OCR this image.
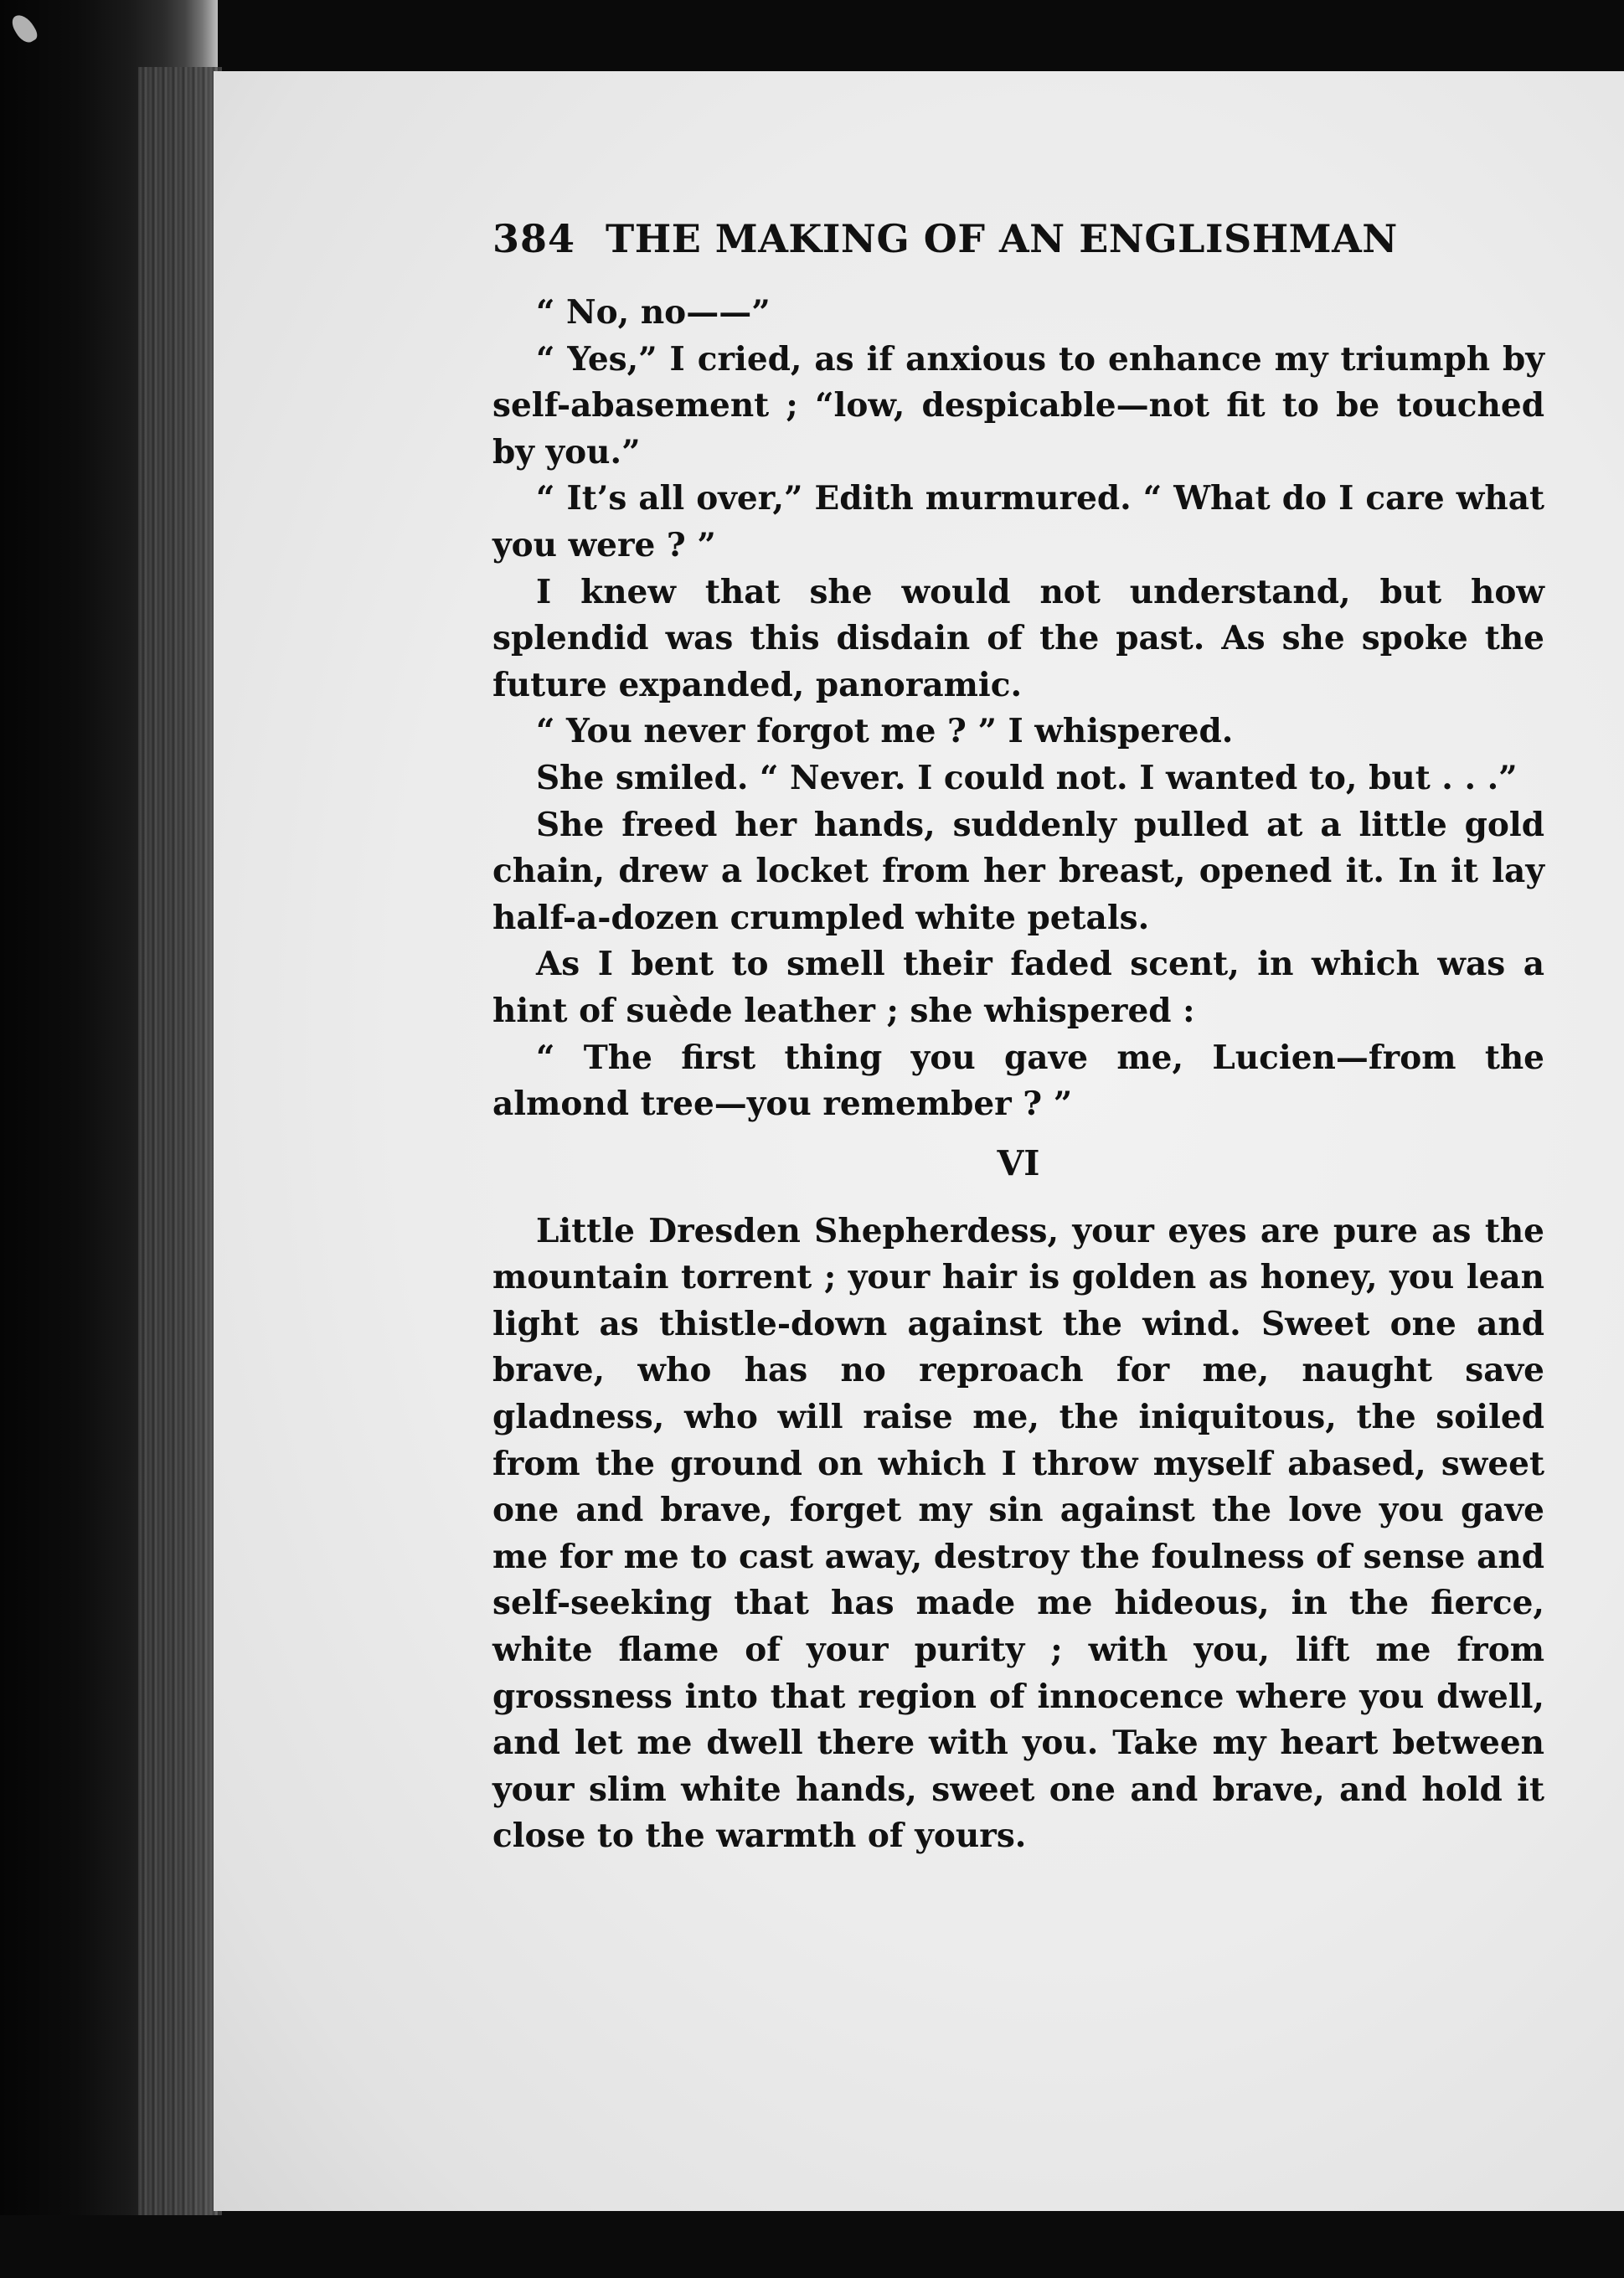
384 THE MAKING OF AN ENGLISHMAN

“ No, no——”

“ Yes,” I cried, as if anxious to enhance my triumph by self-abasement ; “low, despicable—not fit to be touched by you.”

“ It’s all over,” Edith murmured. “ What do I care what you were ? ”

I knew that she would not understand, but how splendid was this disdain of the past. As she spoke the future expanded, panoramic.

“ You never forgot me ? ” I whispered.

She smiled. “ Never. I could not. I wanted to, but . . .”

She freed her hands, suddenly pulled at a little gold chain, drew a locket from her breast, opened it. In it lay half-a-dozen crumpled white petals.

As I bent to smell their faded scent, in which was a hint of suède leather ; she whispered :

“ The first thing you gave me, Lucien—from the almond tree—you remember ? ”

VI

Little Dresden Shepherdess, your eyes are pure as the mountain torrent ; your hair is golden as honey, you lean light as thistle-down against the wind. Sweet one and brave, who has no reproach for me, naught save gladness, who will raise me, the iniquitous, the soiled from the ground on which I throw myself abased, sweet one and brave, forget my sin against the love you gave me for me to cast away, destroy the foulness of sense and self-seeking that has made me hideous, in the fierce, white flame of your purity ; with you, lift me from grossness into that region of innocence where you dwell, and let me dwell there with you. Take my heart between your slim white hands, sweet one and brave, and hold it close to the warmth of yours.
